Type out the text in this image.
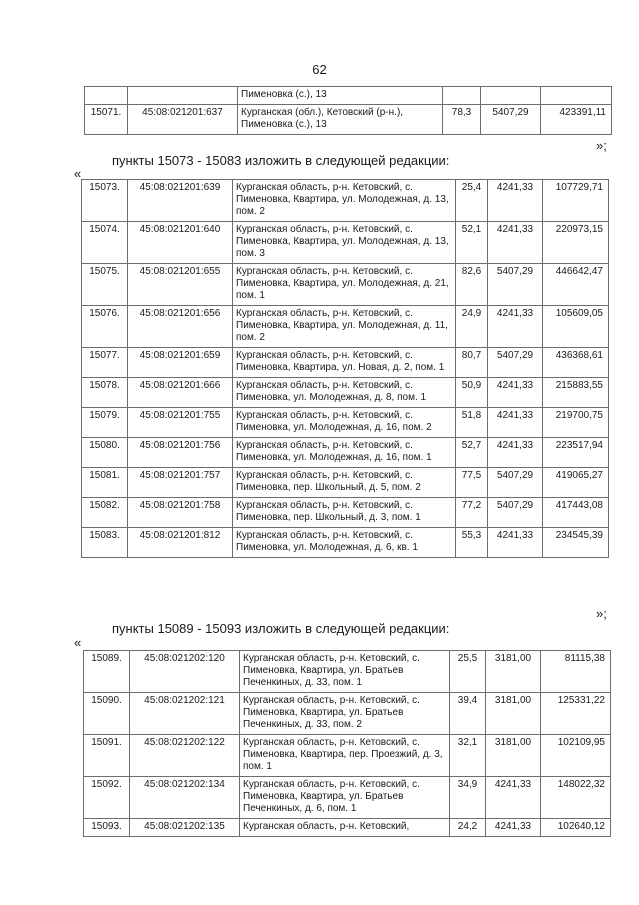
62
		Пименовка (с.), 13			
15071.	45:08:021201:637	Курганская (обл.), Кетовский (р-н.), Пименовка (с.), 13	78,3	5407,29	423391,11
»;
пункты 15073 - 15083 изложить в следующей редакции:
«
15073.	45:08:021201:639	Курганская область, р-н. Кетовский, с. Пименовка, Квартира, ул. Молодежная, д. 13, пом. 2	25,4	4241,33	107729,71
15074.	45:08:021201:640	Курганская область, р-н. Кетовский, с. Пименовка, Квартира, ул. Молодежная, д. 13, пом. 3	52,1	4241,33	220973,15
15075.	45:08:021201:655	Курганская область, р-н. Кетовский, с. Пименовка, Квартира, ул. Молодежная, д. 21, пом. 1	82,6	5407,29	446642,47
15076.	45:08:021201:656	Курганская область, р-н. Кетовский, с. Пименовка, Квартира, ул. Молодежная, д. 11, пом. 2	24,9	4241,33	105609,05
15077.	45:08:021201:659	Курганская область, р-н. Кетовский, с. Пименовка, Квартира, ул. Новая, д. 2, пом. 1	80,7	5407,29	436368,61
15078.	45:08:021201:666	Курганская область, р-н. Кетовский, с. Пименовка, ул. Молодежная, д. 8, пом. 1	50,9	4241,33	215883,55
15079.	45:08:021201:755	Курганская область, р-н. Кетовский, с. Пименовка, ул. Молодежная, д. 16, пом. 2	51,8	4241,33	219700,75
15080.	45:08:021201:756	Курганская область, р-н. Кетовский, с. Пименовка, ул. Молодежная, д. 16, пом. 1	52,7	4241,33	223517,94
15081.	45:08:021201:757	Курганская область, р-н. Кетовский, с. Пименовка, пер. Школьный, д. 5, пом. 2	77,5	5407,29	419065,27
15082.	45:08:021201:758	Курганская область, р-н. Кетовский, с. Пименовка, пер. Школьный, д. 3, пом. 1	77,2	5407,29	417443,08
15083.	45:08:021201:812	Курганская область, р-н. Кетовский, с. Пименовка, ул. Молодежная, д. 6, кв. 1	55,3	4241,33	234545,39
»;
пункты 15089 - 15093 изложить в следующей редакции:
«
15089.	45:08:021202:120	Курганская область, р-н. Кетовский, с. Пименовка, Квартира, ул. Братьев Печенкиных, д. 33, пом. 1	25,5	3181,00	81115,38
15090.	45:08:021202:121	Курганская область, р-н. Кетовский, с. Пименовка, Квартира, ул. Братьев Печенкиных, д. 33, пом. 2	39,4	3181,00	125331,22
15091.	45:08:021202:122	Курганская область, р-н. Кетовский, с. Пименовка, Квартира, пер. Проезжий, д. 3, пом. 1	32,1	3181,00	102109,95
15092.	45:08:021202:134	Курганская область, р-н. Кетовский, с. Пименовка, Квартира, ул. Братьев Печенкиных, д. 6, пом. 1	34,9	4241,33	148022,32
15093.	45:08:021202:135	Курганская область, р-н. Кетовский,	24,2	4241,33	102640,12
